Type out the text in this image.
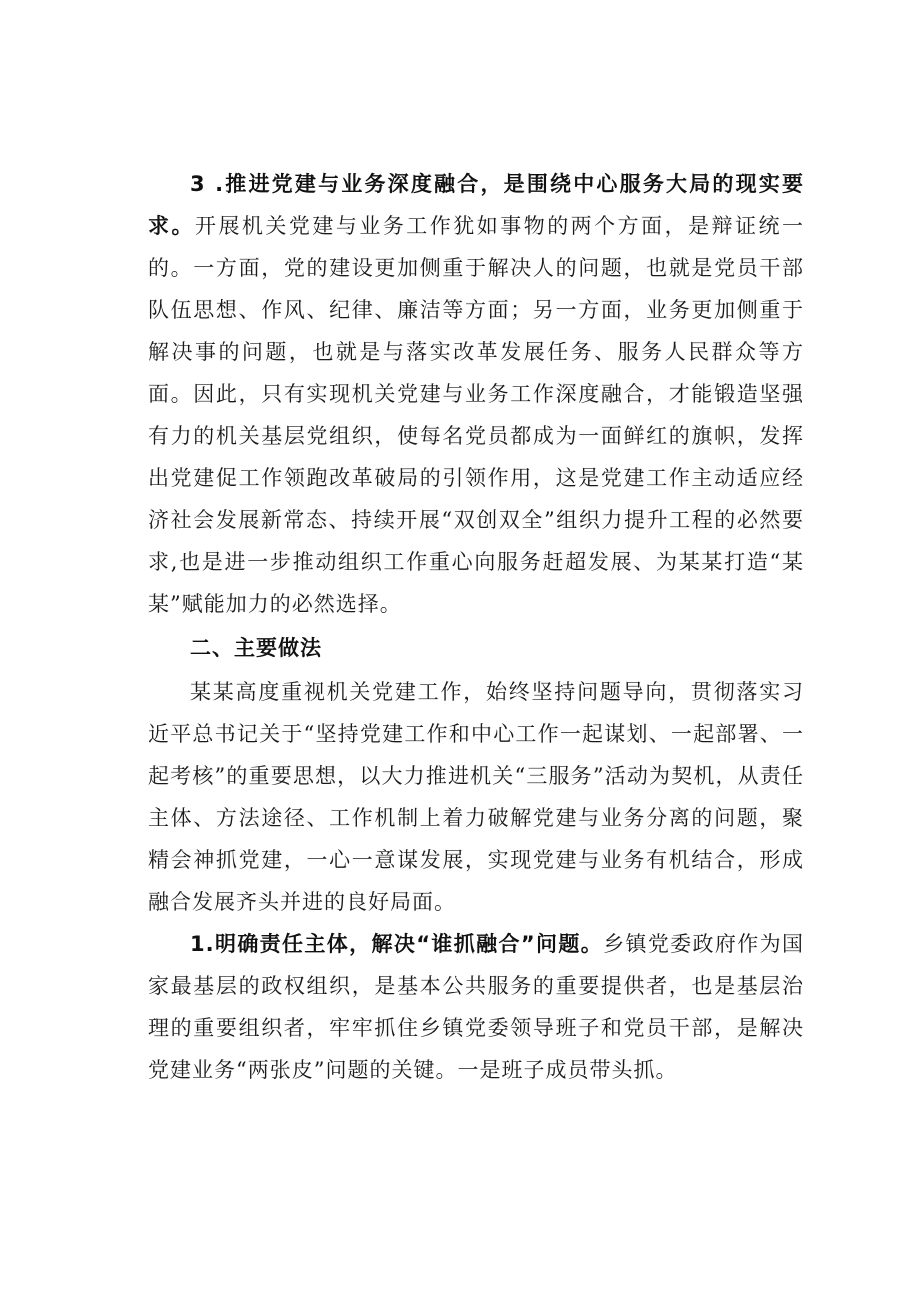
3 .推进党建与业务深度融合，是围绕中心服务大局的现实要求。开展机关党建与业务工作犹如事物的两个方面，是辩证统一的。一方面，党的建设更加侧重于解决人的问题，也就是党员干部队伍思想、作风、纪律、廉洁等方面；另一方面，业务更加侧重于解决事的问题，也就是与落实改革发展任务、服务人民群众等方面。因此，只有实现机关党建与业务工作深度融合，才能锻造坚强有力的机关基层党组织，使每名党员都成为一面鲜红的旗帜，发挥出党建促工作领跑改革破局的引领作用，这是党建工作主动适应经济社会发展新常态、持续开展“双创双全”组织力提升工程的必然要求,也是进一步推动组织工作重心向服务赶超发展、为某某打造“某某”赋能加力的必然选择。

二、主要做法

某某高度重视机关党建工作，始终坚持问题导向，贯彻落实习近平总书记关于“坚持党建工作和中心工作一起谋划、一起部署、一起考核”的重要思想，以大力推进机关“三服务”活动为契机，从责任主体、方法途径、工作机制上着力破解党建与业务分离的问题，聚精会神抓党建，一心一意谋发展，实现党建与业务有机结合，形成融合发展齐头并进的良好局面。

1.明确责任主体，解决“谁抓融合”问题。乡镇党委政府作为国家最基层的政权组织，是基本公共服务的重要提供者，也是基层治理的重要组织者，牢牢抓住乡镇党委领导班子和党员干部，是解决党建业务“两张皮”问题的关键。一是班子成员带头抓。
